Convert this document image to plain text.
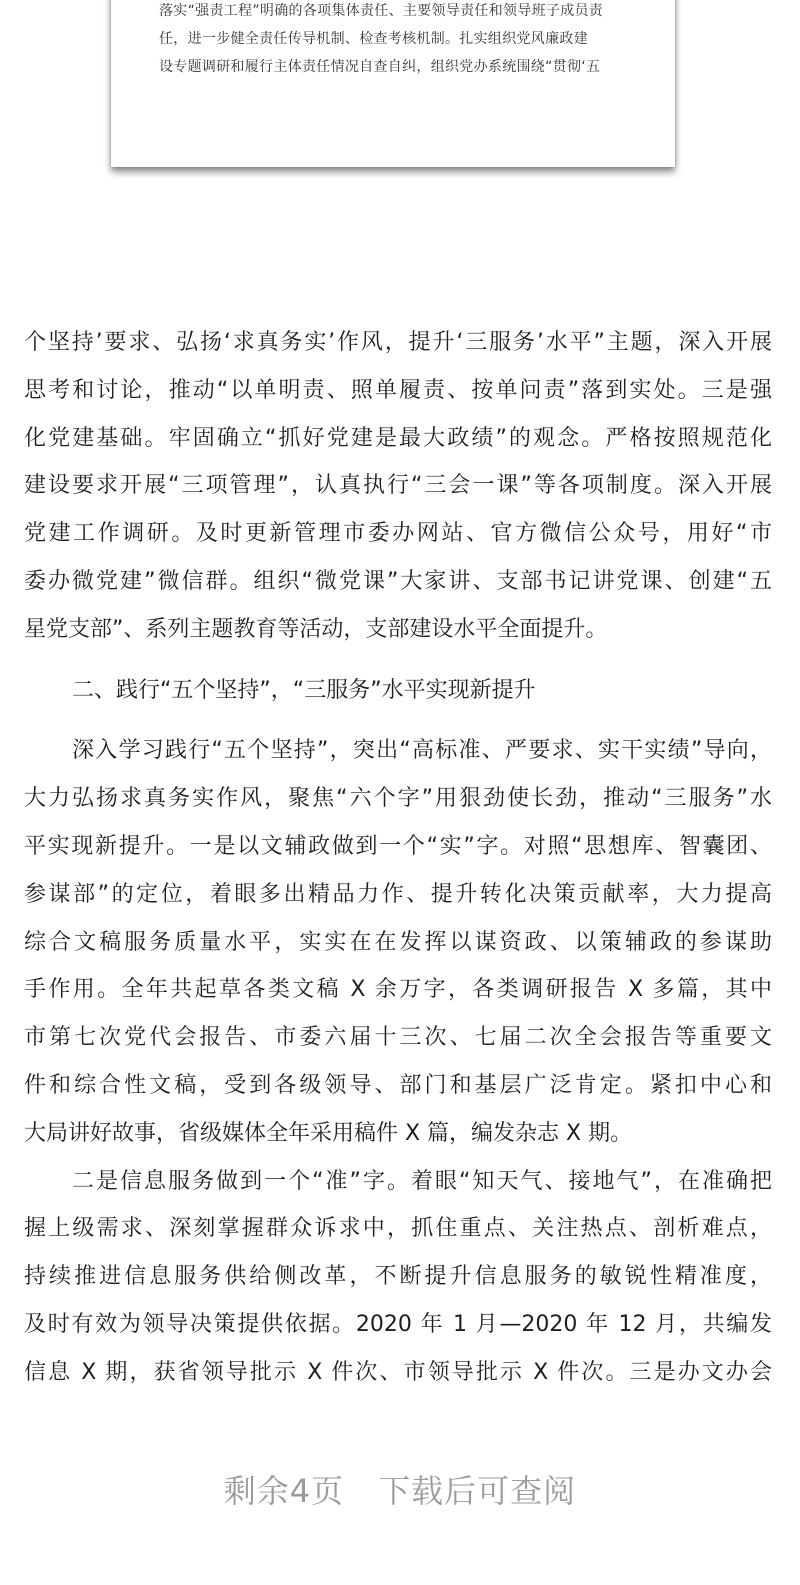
落实“强责工程”明确的各项集体责任、主要领导责任和领导班子成员责
任，进一步健全责任传导机制、检查考核机制。扎实组织党风廉政建
设专题调研和履行主体责任情况自查自纠，组织党办系统围绕“贯彻‘五
个坚持’要求、弘扬‘求真务实’作风，提升‘三服务’水平”主题，深入开展
思考和讨论，推动“以单明责、照单履责、按单问责”落到实处。三是强
化党建基础。牢固确立“抓好党建是最大政绩”的观念。严格按照规范化
建设要求开展“三项管理”，认真执行“三会一课”等各项制度。深入开展
党建工作调研。及时更新管理市委办网站、官方微信公众号，用好“市
委办微党建”微信群。组织“微党课”大家讲、支部书记讲党课、创建“五
星党支部”、系列主题教育等活动，支部建设水平全面提升。
二、践行“五个坚持”，“三服务”水平实现新提升
深入学习践行“五个坚持”，突出“高标准、严要求、实干实绩”导向，
大力弘扬求真务实作风，聚焦“六个字”用狠劲使长劲，推动“三服务”水
平实现新提升。一是以文辅政做到一个“实”字。对照“思想库、智囊团、
参谋部”的定位，着眼多出精品力作、提升转化决策贡献率，大力提高
综合文稿服务质量水平，实实在在发挥以谋资政、以策辅政的参谋助
手作用。全年共起草各类文稿 X 余万字，各类调研报告 X 多篇，其中
市第七次党代会报告、市委六届十三次、七届二次全会报告等重要文
件和综合性文稿，受到各级领导、部门和基层广泛肯定。紧扣中心和
大局讲好故事，省级媒体全年采用稿件 X 篇，编发杂志 X 期。
二是信息服务做到一个“准”字。着眼“知天气、接地气”，在准确把
握上级需求、深刻掌握群众诉求中，抓住重点、关注热点、剖析难点，
持续推进信息服务供给侧改革，不断提升信息服务的敏锐性精准度，
及时有效为领导决策提供依据。2020 年 1 月—2020 年 12 月，共编发
信息 X 期，获省领导批示 X 件次、市领导批示 X 件次。三是办文办会
剩余4页 下载后可查阅
